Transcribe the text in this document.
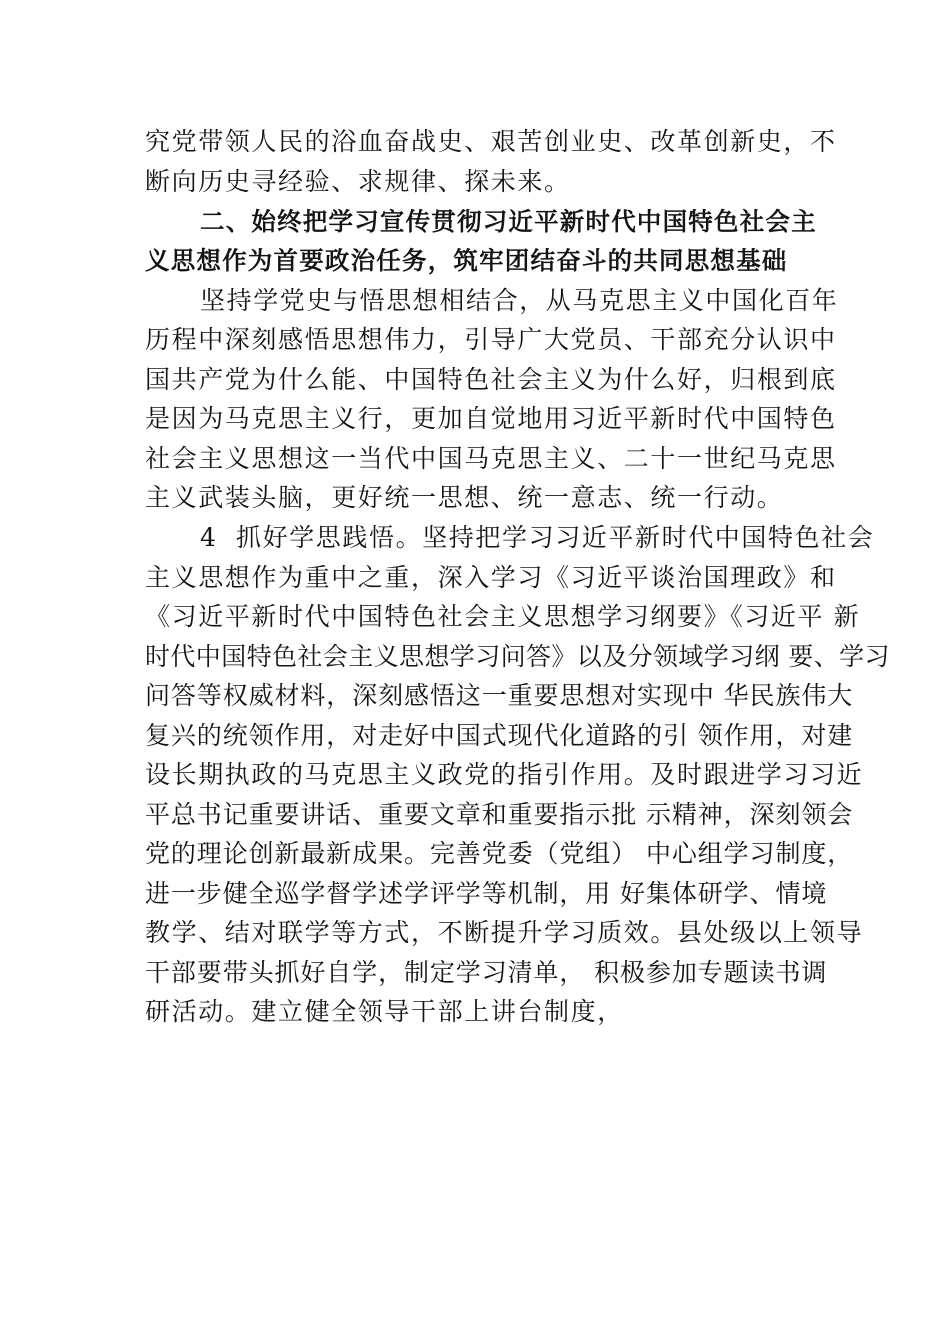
究党带领人民的浴血奋战史、艰苦创业史、改革创新史，不
断向历史寻经验、求规律、探未来。
二、始终把学习宣传贯彻习近平新时代中国特色社会主
义思想作为首要政治任务，筑牢团结奋斗的共同思想基础
坚持学党史与悟思想相结合，从马克思主义中国化百年
历程中深刻感悟思想伟力，引导广大党员、干部充分认识中
国共产党为什么能、中国特色社会主义为什么好，归根到底
是因为马克思主义行，更加自觉地用习近平新时代中国特色
社会主义思想这一当代中国马克思主义、二十一世纪马克思
主义武装头脑，更好统一思想、统一意志、统一行动。
4 抓好学思践悟。坚持把学习习近平新时代中国特色社会
主义思想作为重中之重，深入学习《习近平谈治国理政》和
《习近平新时代中国特色社会主义思想学习纲要》《习近平 新
时代中国特色社会主义思想学习问答》以及分领域学习纲 要、学习
问答等权威材料，深刻感悟这一重要思想对实现中 华民族伟大
复兴的统领作用，对走好中国式现代化道路的引 领作用，对建
设长期执政的马克思主义政党的指引作用。及时跟进学习习近
平总书记重要讲话、重要文章和重要指示批 示精神，深刻领会
党的理论创新最新成果。完善党委（党组） 中心组学习制度，
进一步健全巡学督学述学评学等机制，用 好集体研学、情境
教学、结对联学等方式，不断提升学习质效。县处级以上领导
干部要带头抓好自学，制定学习清单， 积极参加专题读书调
研活动。建立健全领导干部上讲台制度，
